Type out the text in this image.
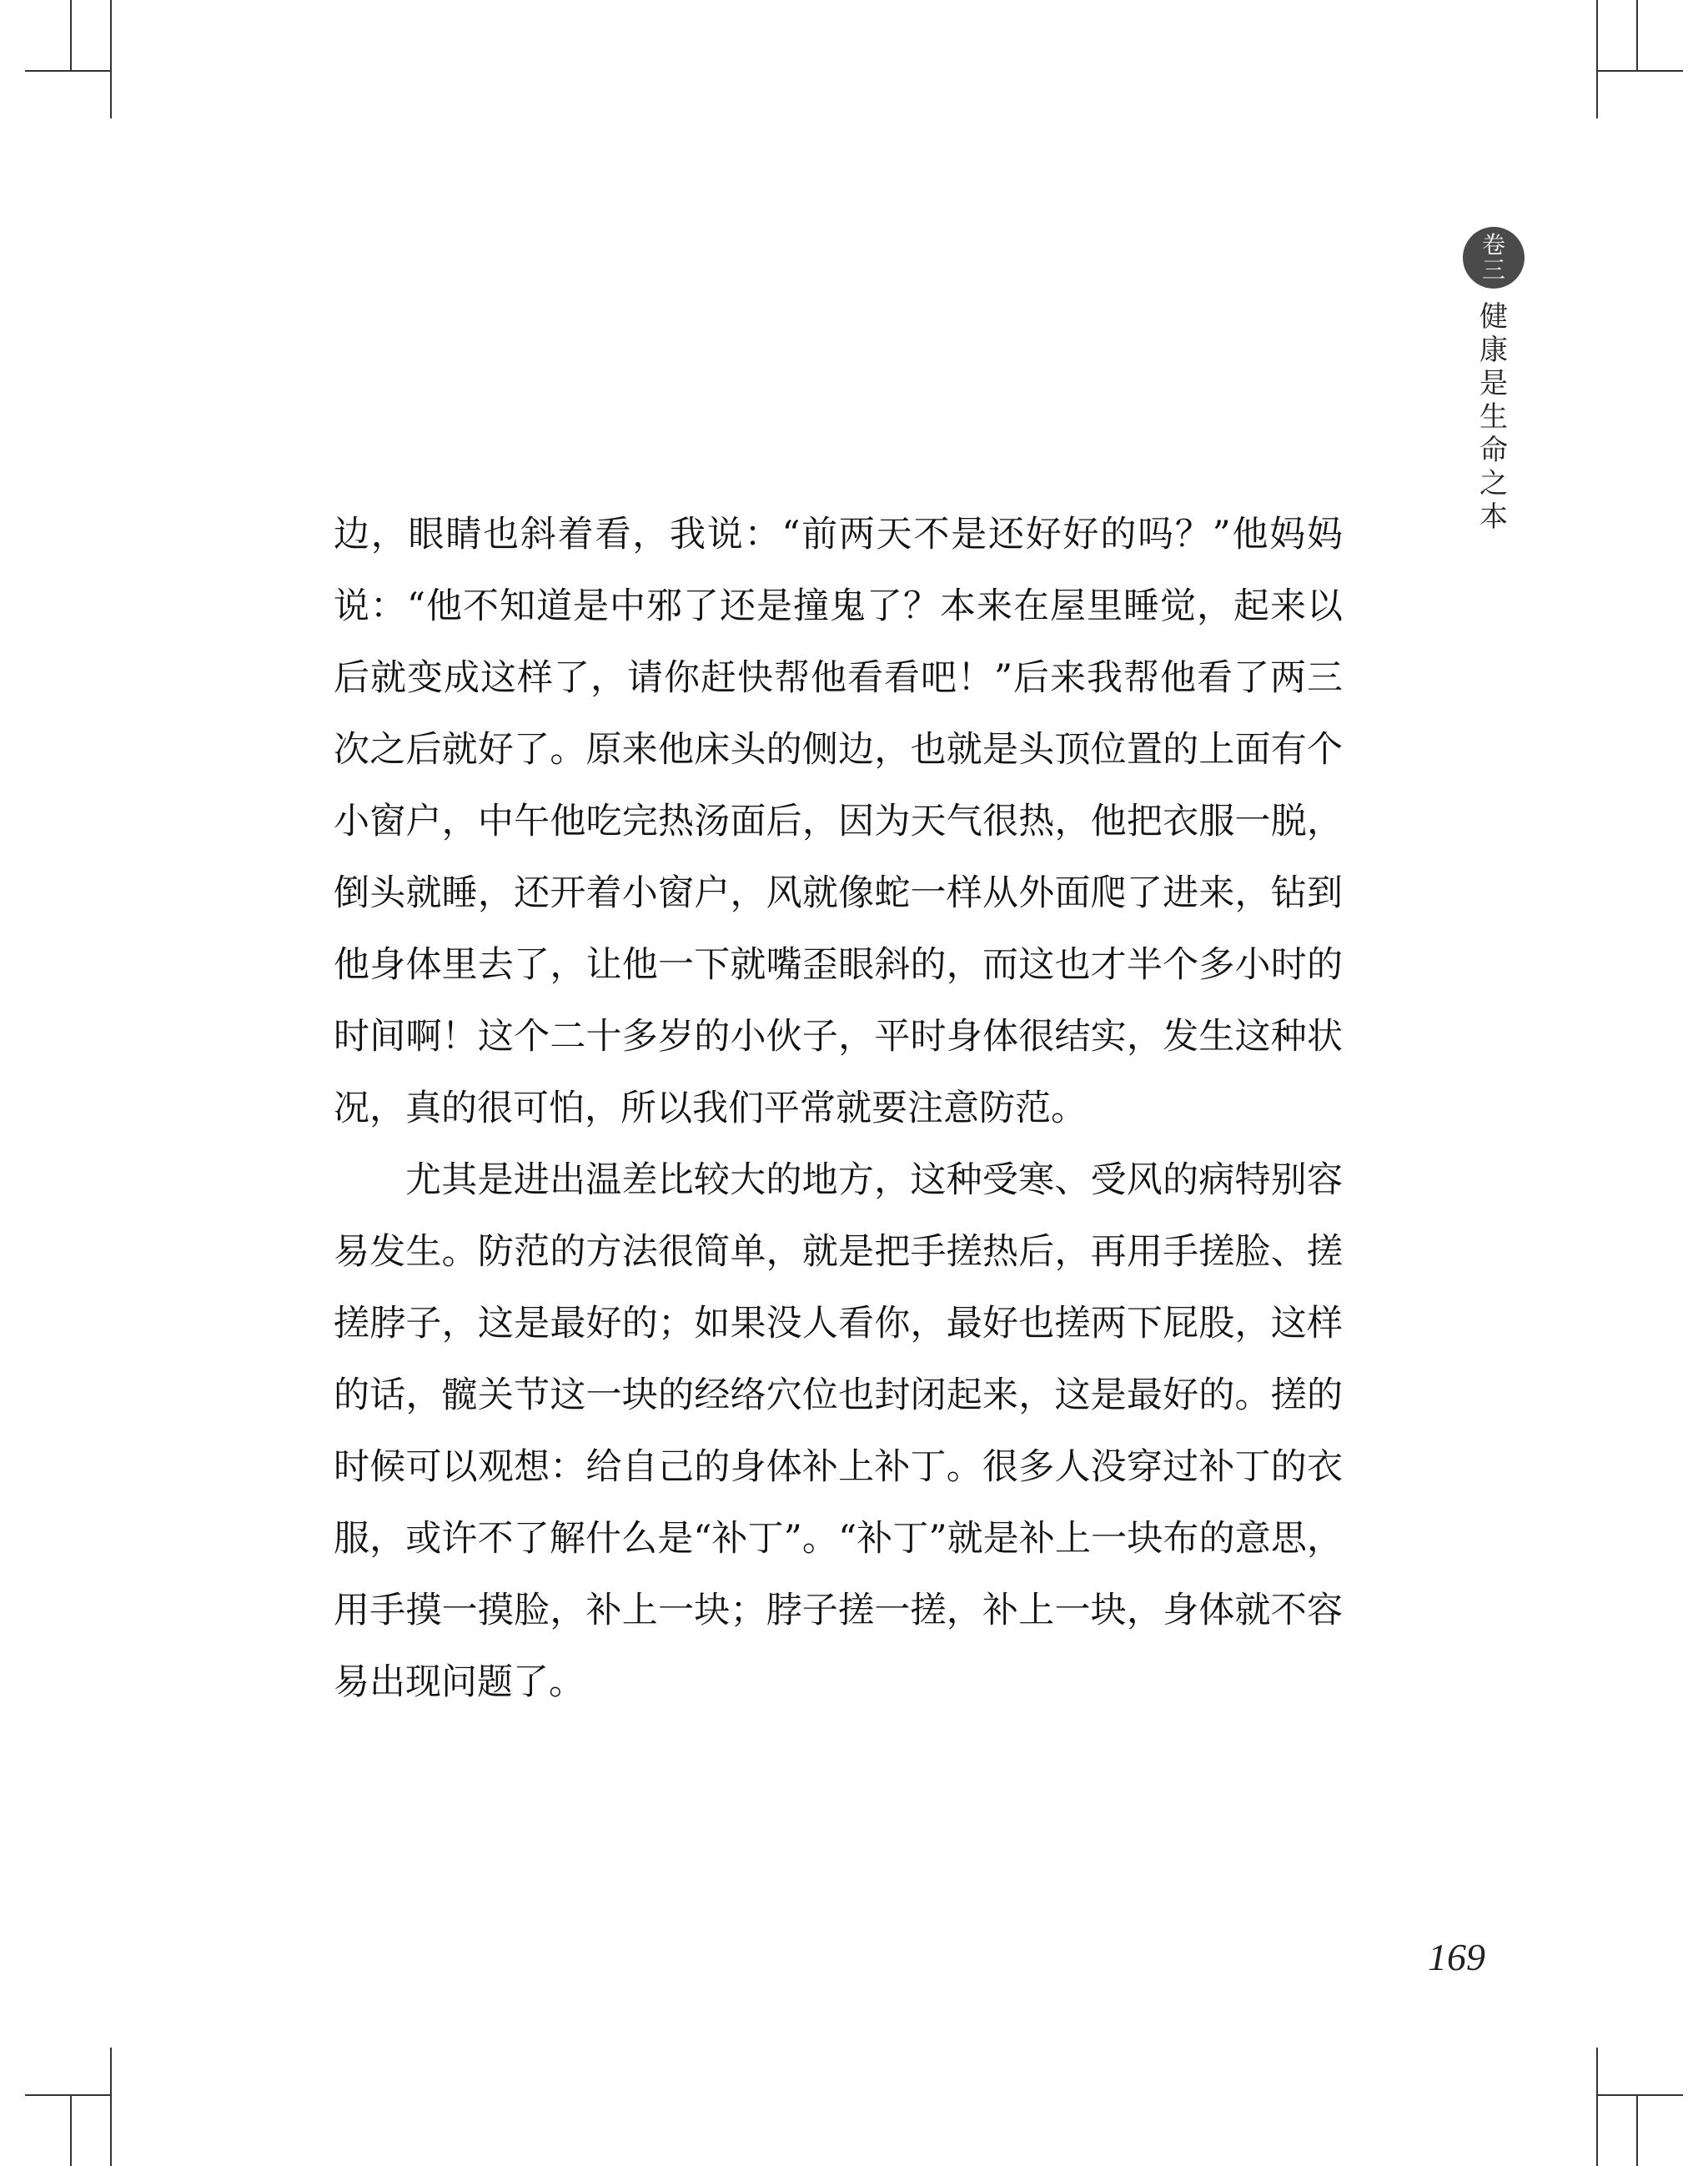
卷
三
健康是生命之本

边，眼睛也斜着看，我说：“前两天不是还好好的吗？”他妈妈说：“他不知道是中邪了还是撞鬼了？本来在屋里睡觉，起来以后就变成这样了，请你赶快帮他看看吧！”后来我帮他看了两三次之后就好了。原来他床头的侧边，也就是头顶位置的上面有个小窗户，中午他吃完热汤面后，因为天气很热，他把衣服一脱，倒头就睡，还开着小窗户，风就像蛇一样从外面爬了进来，钻到他身体里去了，让他一下就嘴歪眼斜的，而这也才半个多小时的时间啊！这个二十多岁的小伙子，平时身体很结实，发生这种状况，真的很可怕，所以我们平常就要注意防范。

尤其是进出温差比较大的地方，这种受寒、受风的病特别容易发生。防范的方法很简单，就是把手搓热后，再用手搓脸、搓搓脖子，这是最好的；如果没人看你，最好也搓两下屁股，这样的话，髋关节这一块的经络穴位也封闭起来，这是最好的。搓的时候可以观想：给自己的身体补上补丁。很多人没穿过补丁的衣服，或许不了解什么是“补丁”。“补丁”就是补上一块布的意思，用手摸一摸脸，补上一块；脖子搓一搓，补上一块，身体就不容易出现问题了。

169
